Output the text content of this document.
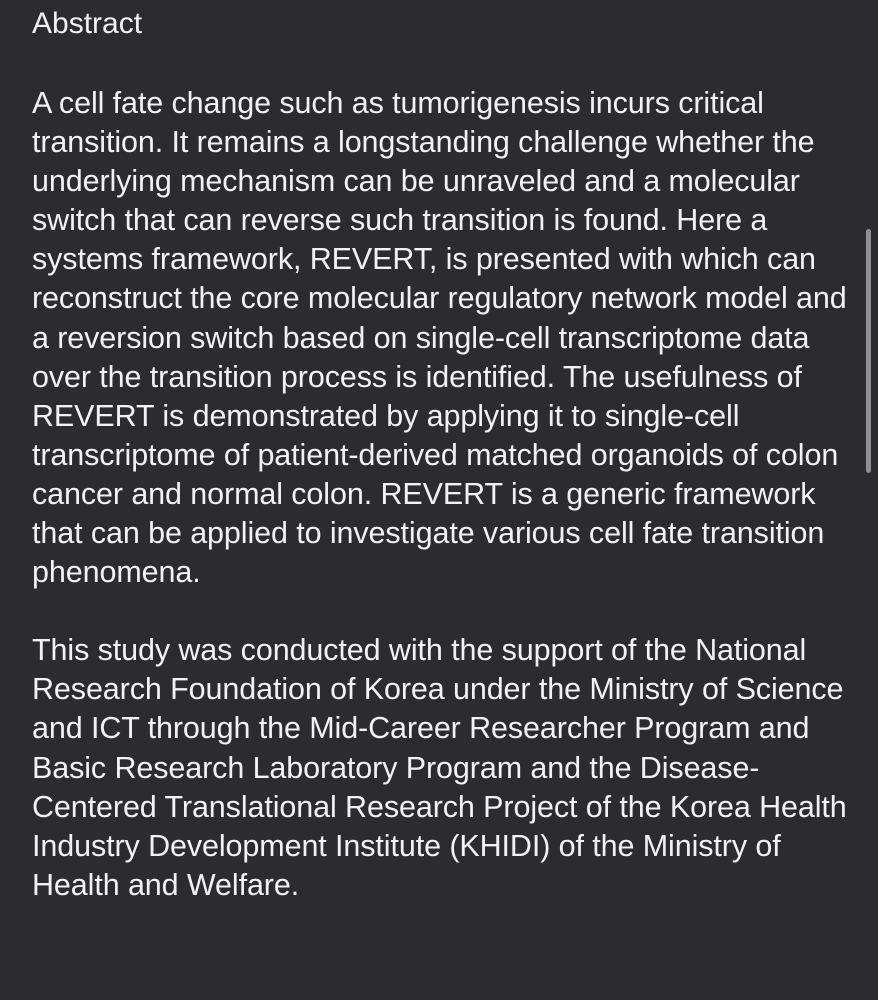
Abstract

A cell fate change such as tumorigenesis incurs critical transition. It remains a longstanding challenge whether the underlying mechanism can be unraveled and a molecular switch that can reverse such transition is found. Here a systems framework, REVERT, is presented with which can reconstruct the core molecular regulatory network model and a reversion switch based on single-cell transcriptome data over the transition process is identified. The usefulness of REVERT is demonstrated by applying it to single-cell transcriptome of patient-derived matched organoids of colon cancer and normal colon. REVERT is a generic framework that can be applied to investigate various cell fate transition phenomena.

This study was conducted with the support of the National Research Foundation of Korea under the Ministry of Science and ICT through the Mid-Career Researcher Program and Basic Research Laboratory Program and the Disease-Centered Translational Research Project of the Korea Health Industry Development Institute (KHIDI) of the Ministry of Health and Welfare.
